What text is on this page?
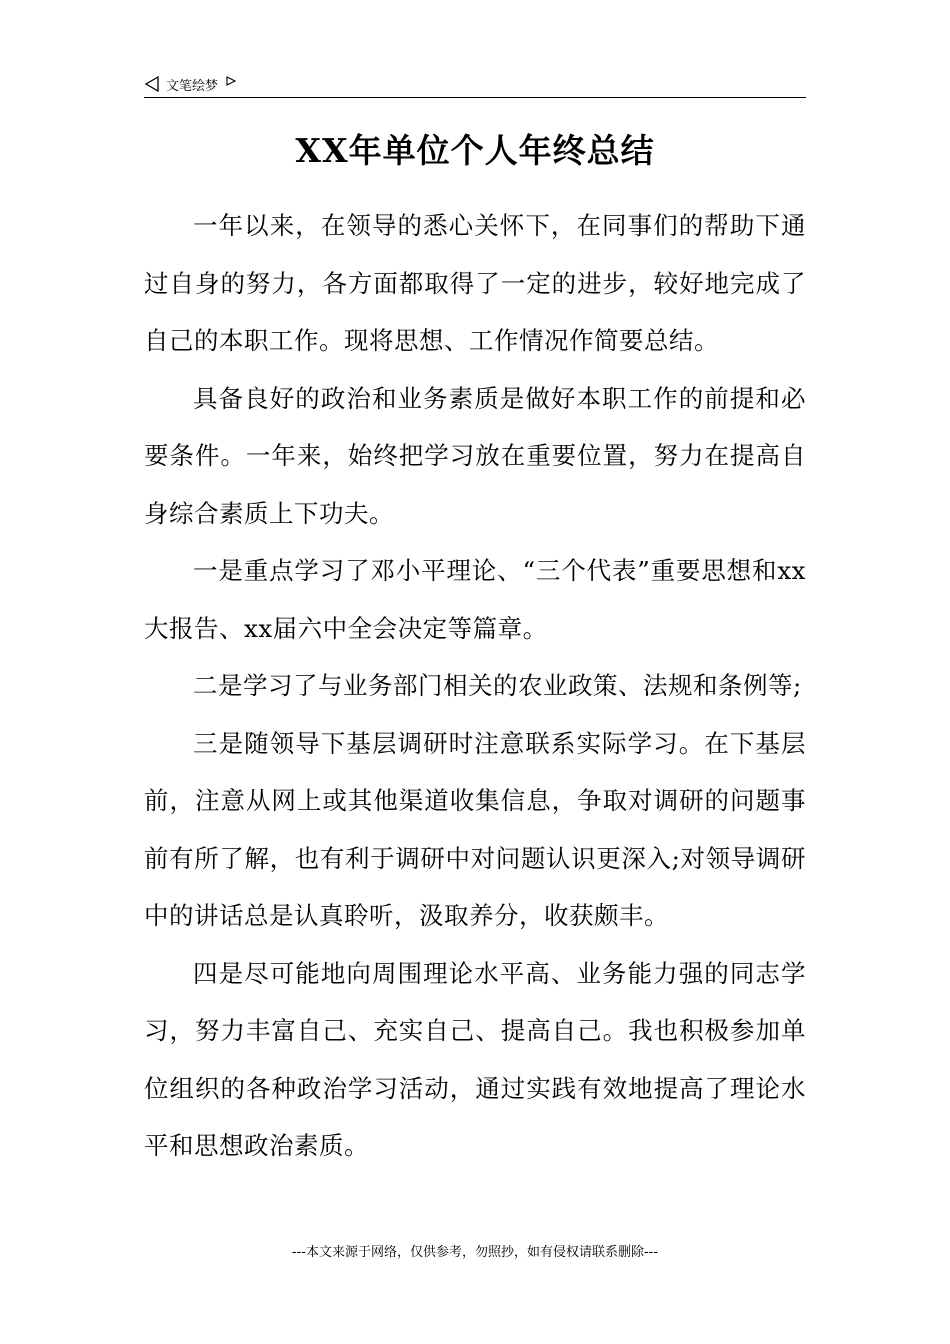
文笔绘梦
XX年单位个人年终总结

一年以来，在领导的悉心关怀下，在同事们的帮助下通过自身的努力，各方面都取得了一定的进步，较好地完成了自己的本职工作。现将思想、工作情况作简要总结。

具备良好的政治和业务素质是做好本职工作的前提和必要条件。一年来，始终把学习放在重要位置，努力在提高自身综合素质上下功夫。

一是重点学习了邓小平理论、“三个代表”重要思想和xx大报告、xx届六中全会决定等篇章。

二是学习了与业务部门相关的农业政策、法规和条例等;

三是随领导下基层调研时注意联系实际学习。在下基层前，注意从网上或其他渠道收集信息，争取对调研的问题事前有所了解，也有利于调研中对问题认识更深入;对领导调研中的讲话总是认真聆听，汲取养分，收获颇丰。

四是尽可能地向周围理论水平高、业务能力强的同志学习，努力丰富自己、充实自己、提高自己。我也积极参加单位组织的各种政治学习活动，通过实践有效地提高了理论水平和思想政治素质。

---本文来源于网络，仅供参考，勿照抄，如有侵权请联系删除---
